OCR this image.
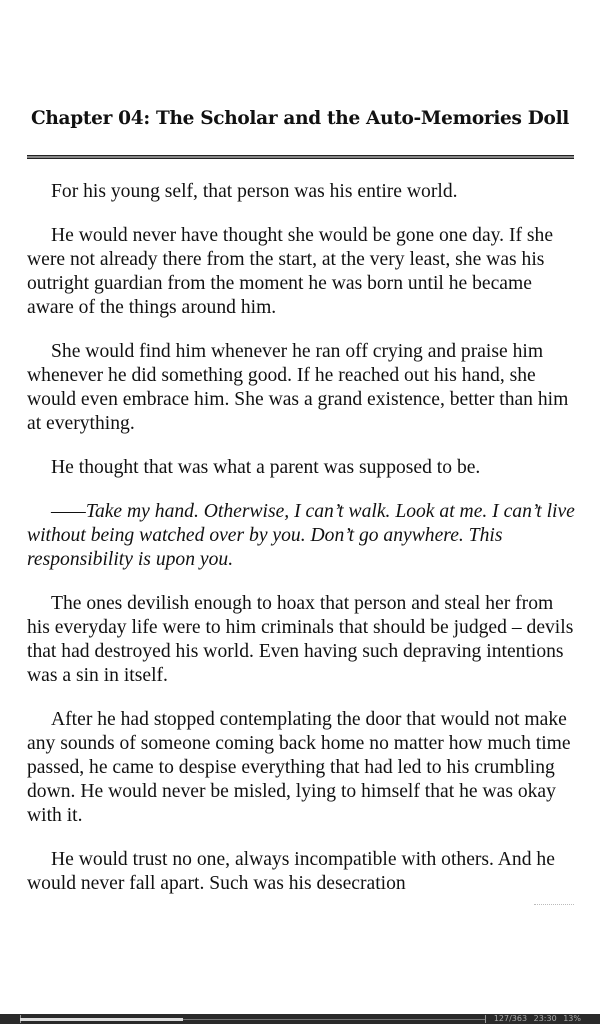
Chapter 04: The Scholar and the Auto-Memories Doll

For his young self, that person was his entire world.

He would never have thought she would be gone one day. If she were not already there from the start, at the very least, she was his outright guardian from the moment he was born until he became aware of the things around him.

She would find him whenever he ran off crying and praise him whenever he did something good. If he reached out his hand, she would even embrace him. She was a grand existence, better than him at everything.

He thought that was what a parent was supposed to be.

——Take my hand. Otherwise, I can’t walk. Look at me. I can’t live without being watched over by you. Don’t go anywhere. This responsibility is upon you.

The ones devilish enough to hoax that person and steal her from his everyday life were to him criminals that should be judged – devils that had destroyed his world. Even having such depraving intentions was a sin in itself.

After he had stopped contemplating the door that would not make any sounds of someone coming back home no matter how much time passed, he came to despise everything that had led to his crumbling down. He would never be misled, lying to himself that he was okay with it.

He would trust no one, always incompatible with others. And he would never fall apart. Such was his desecration

127/363 23:30 13%
